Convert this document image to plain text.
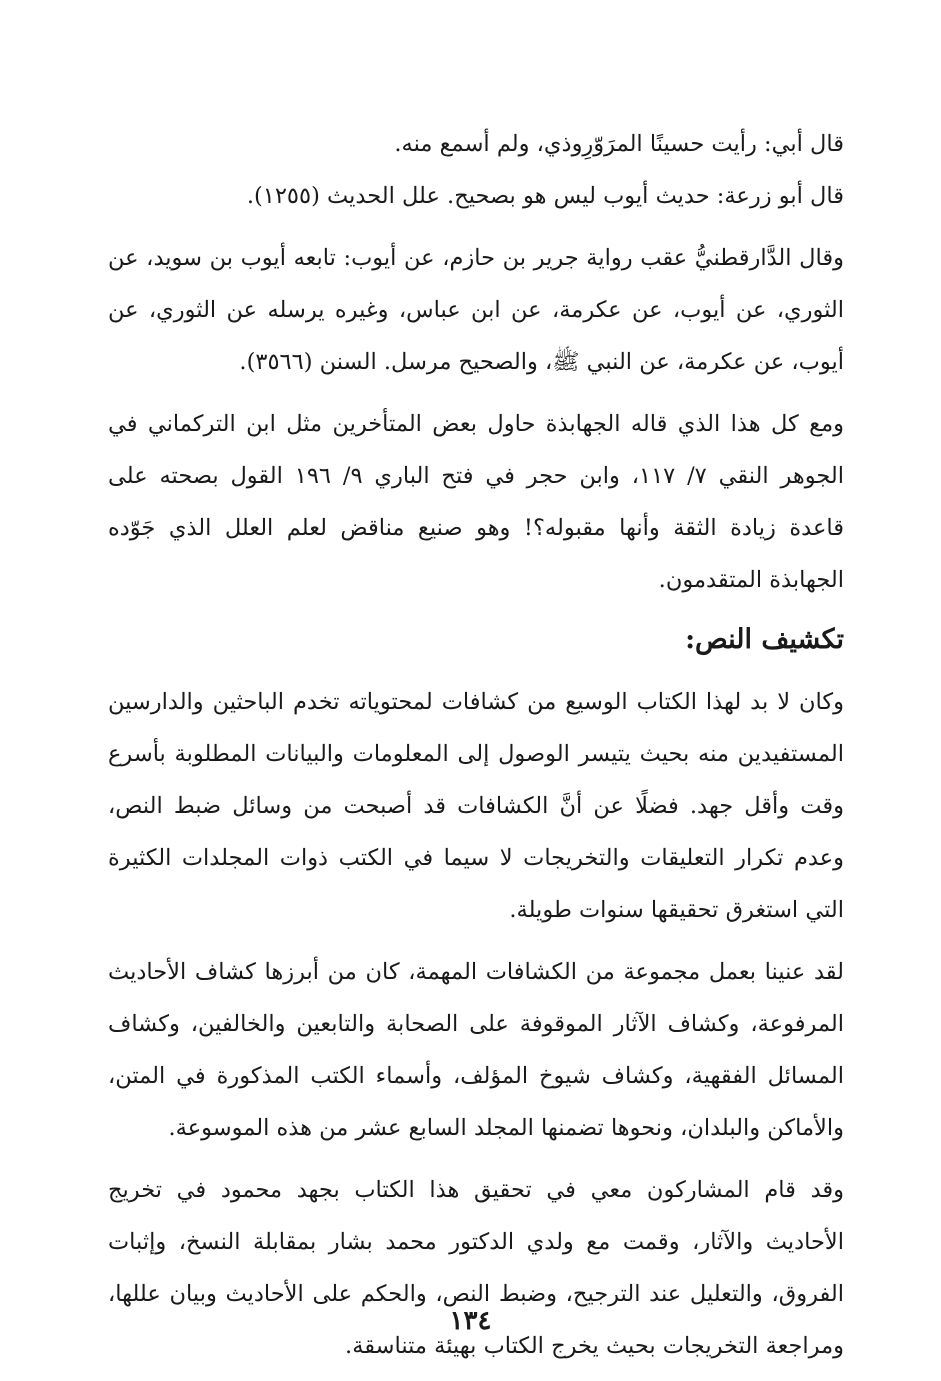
قال أبي: رأيت حسينًا المرَوّرِوذي، ولم أسمع منه.

قال أبو زرعة: حديث أيوب ليس هو بصحيح. علل الحديث (١٢٥٥).

وقال الدَّارقطنيُّ عقب رواية جرير بن حازم، عن أيوب: تابعه أيوب بن سويد، عن الثوري، عن أيوب، عن عكرمة، عن ابن عباس، وغيره يرسله عن الثوري، عن أيوب، عن عكرمة، عن النبي ﷺ، والصحيح مرسل. السنن (٣٥٦٦).

ومع كل هذا الذي قاله الجهابذة حاول بعض المتأخرين مثل ابن التركماني في الجوهر النقي ٧/ ١١٧، وابن حجر في فتح الباري ٩/ ١٩٦ القول بصحته على قاعدة زيادة الثقة وأنها مقبوله؟! وهو صنيع مناقض لعلم العلل الذي جَوّده الجهابذة المتقدمون.

تكشيف النص:

وكان لا بد لهذا الكتاب الوسيع من كشافات لمحتوياته تخدم الباحثين والدارسين المستفيدين منه بحيث يتيسر الوصول إلى المعلومات والبيانات المطلوبة بأسرع وقت وأقل جهد. فضلًا عن أنَّ الكشافات قد أصبحت من وسائل ضبط النص، وعدم تكرار التعليقات والتخريجات لا سيما في الكتب ذوات المجلدات الكثيرة التي استغرق تحقيقها سنوات طويلة.

لقد عنينا بعمل مجموعة من الكشافات المهمة، كان من أبرزها كشاف الأحاديث المرفوعة، وكشاف الآثار الموقوفة على الصحابة والتابعين والخالفين، وكشاف المسائل الفقهية، وكشاف شيوخ المؤلف، وأسماء الكتب المذكورة في المتن، والأماكن والبلدان، ونحوها تضمنها المجلد السابع عشر من هذه الموسوعة.

وقد قام المشاركون معي في تحقيق هذا الكتاب بجهد محمود في تخريج الأحاديث والآثار، وقمت مع ولدي الدكتور محمد بشار بمقابلة النسخ، وإثبات الفروق، والتعليل عند الترجيح، وضبط النص، والحكم على الأحاديث وبيان عللها، ومراجعة التخريجات بحيث يخرج الكتاب بهيئة متناسقة.

١٣٤
